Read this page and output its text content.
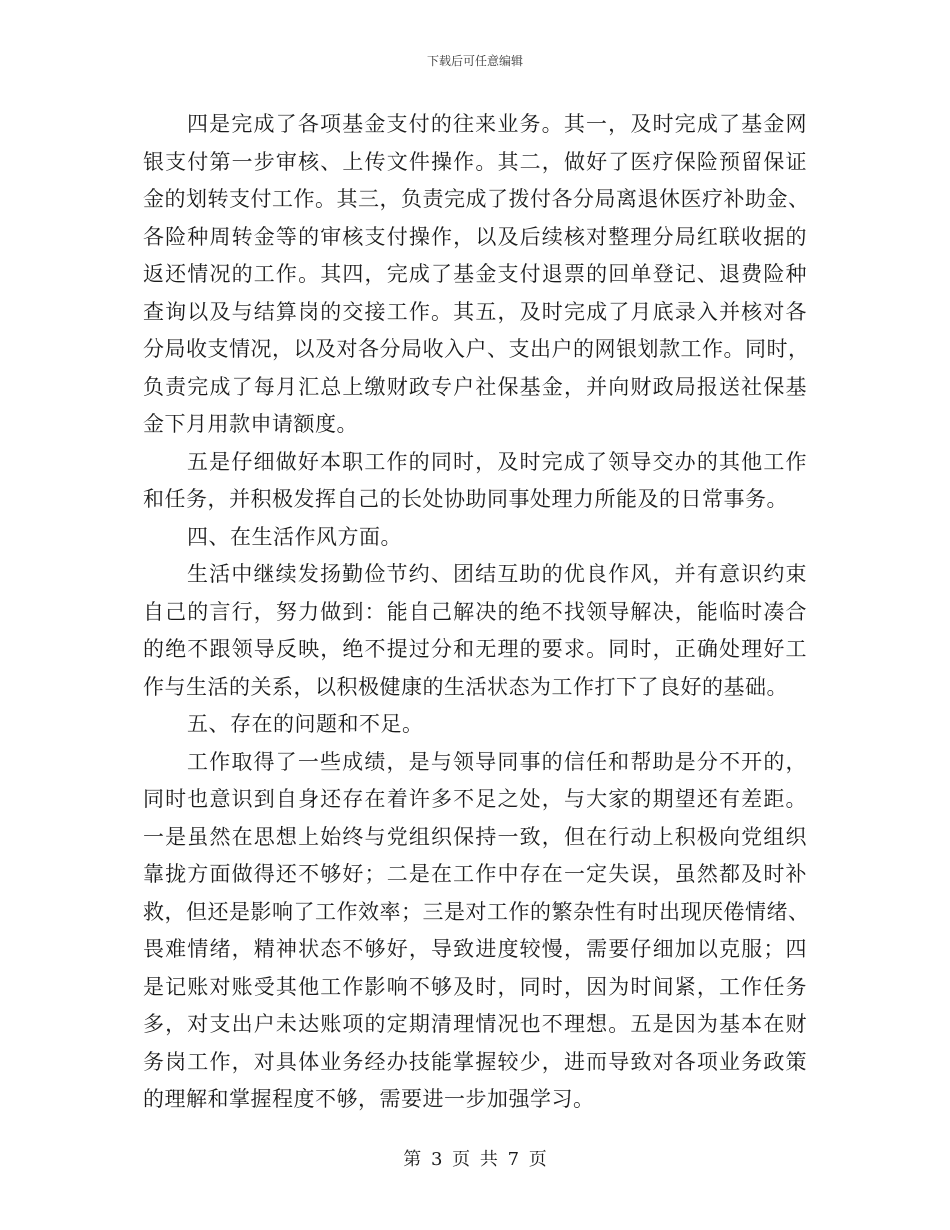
下载后可任意编辑
四是完成了各项基金支付的往来业务。其一，及时完成了基金网
银支付第一步审核、上传文件操作。其二，做好了医疗保险预留保证
金的划转支付工作。其三，负责完成了拨付各分局离退休医疗补助金、
各险种周转金等的审核支付操作，以及后续核对整理分局红联收据的
返还情况的工作。其四，完成了基金支付退票的回单登记、退费险种
查询以及与结算岗的交接工作。其五，及时完成了月底录入并核对各
分局收支情况，以及对各分局收入户、支出户的网银划款工作。同时，
负责完成了每月汇总上缴财政专户社保基金，并向财政局报送社保基
金下月用款申请额度。
五是仔细做好本职工作的同时，及时完成了领导交办的其他工作
和任务，并积极发挥自己的长处协助同事处理力所能及的日常事务。
四、在生活作风方面。
生活中继续发扬勤俭节约、团结互助的优良作风，并有意识约束
自己的言行，努力做到：能自己解决的绝不找领导解决，能临时凑合
的绝不跟领导反映，绝不提过分和无理的要求。同时，正确处理好工
作与生活的关系，以积极健康的生活状态为工作打下了良好的基础。
五、存在的问题和不足。
工作取得了一些成绩，是与领导同事的信任和帮助是分不开的，
同时也意识到自身还存在着许多不足之处，与大家的期望还有差距。
一是虽然在思想上始终与党组织保持一致，但在行动上积极向党组织
靠拢方面做得还不够好；二是在工作中存在一定失误，虽然都及时补
救，但还是影响了工作效率；三是对工作的繁杂性有时出现厌倦情绪、
畏难情绪，精神状态不够好，导致进度较慢，需要仔细加以克服；四
是记账对账受其他工作影响不够及时，同时，因为时间紧，工作任务
多，对支出户未达账项的定期清理情况也不理想。五是因为基本在财
务岗工作，对具体业务经办技能掌握较少，进而导致对各项业务政策
的理解和掌握程度不够，需要进一步加强学习。
第 3 页 共 7 页
